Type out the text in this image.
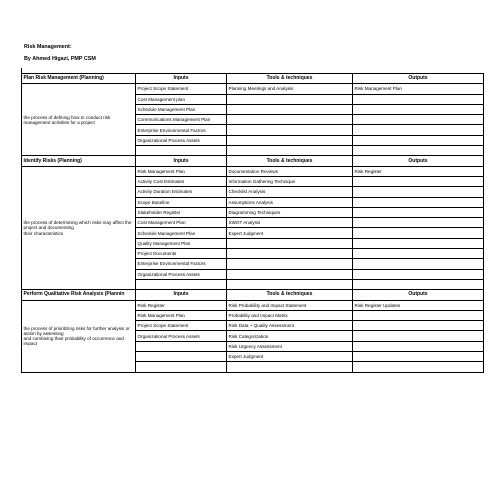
Risk Management:
By Ahmed Higazi, PMP CSM
Plan Risk Management (Planning)	Inputs	Tools & techniques	Outputs

the process of defining how to conduct risk
management activities for a project	Project Scope Statement	Planning Meetings and Analysis	Risk Management Plan
	Cost Management plan		
	Schedule Management Plan		
	Communications Management Plan		
	Enterprise Environmental Factors		
	Organizational Process Assets		

Identify Risks (Planning)	Inputs	Tools & techniques	Outputs

the process of determining which risks may affect the
project and documenting
their characteristics	Risk Management Plan	Documentation Reviews	Risk Register
	Activity Cost Estimates	Information Gathering Technique	
	Activity Duration Estimates	Checklist Analysis	
	Scope Baseline	Assumptions Analysis	
	Stakeholder Register	Diagramming Techniques	
	Cost Management Plan	SWOT Analysis	
	Schedule Management Plan	Expert Judgment	
	Quality Management Plan		
	Project Documents		
	Enterprise Environmental Factors		
	Organizational Process Assets		

Perform Qualitative Risk Analysis (Plannin	Inputs	Tools & techniques	Outputs

the process of prioritizing risks for further analysis or
action by assessing
and combining their probability of occurrence and
impact	Risk Register	Risk Probability and Impact Statement	Risk Register Updates
	Risk Management Plan	Probability and Impact Matrix	
	Project Scope Statement	Risk Data + Quality Assessment	
	Organizational Process Assets	Risk Categorization	
		Risk Urgency Assessment	
		Expert Judgment	
